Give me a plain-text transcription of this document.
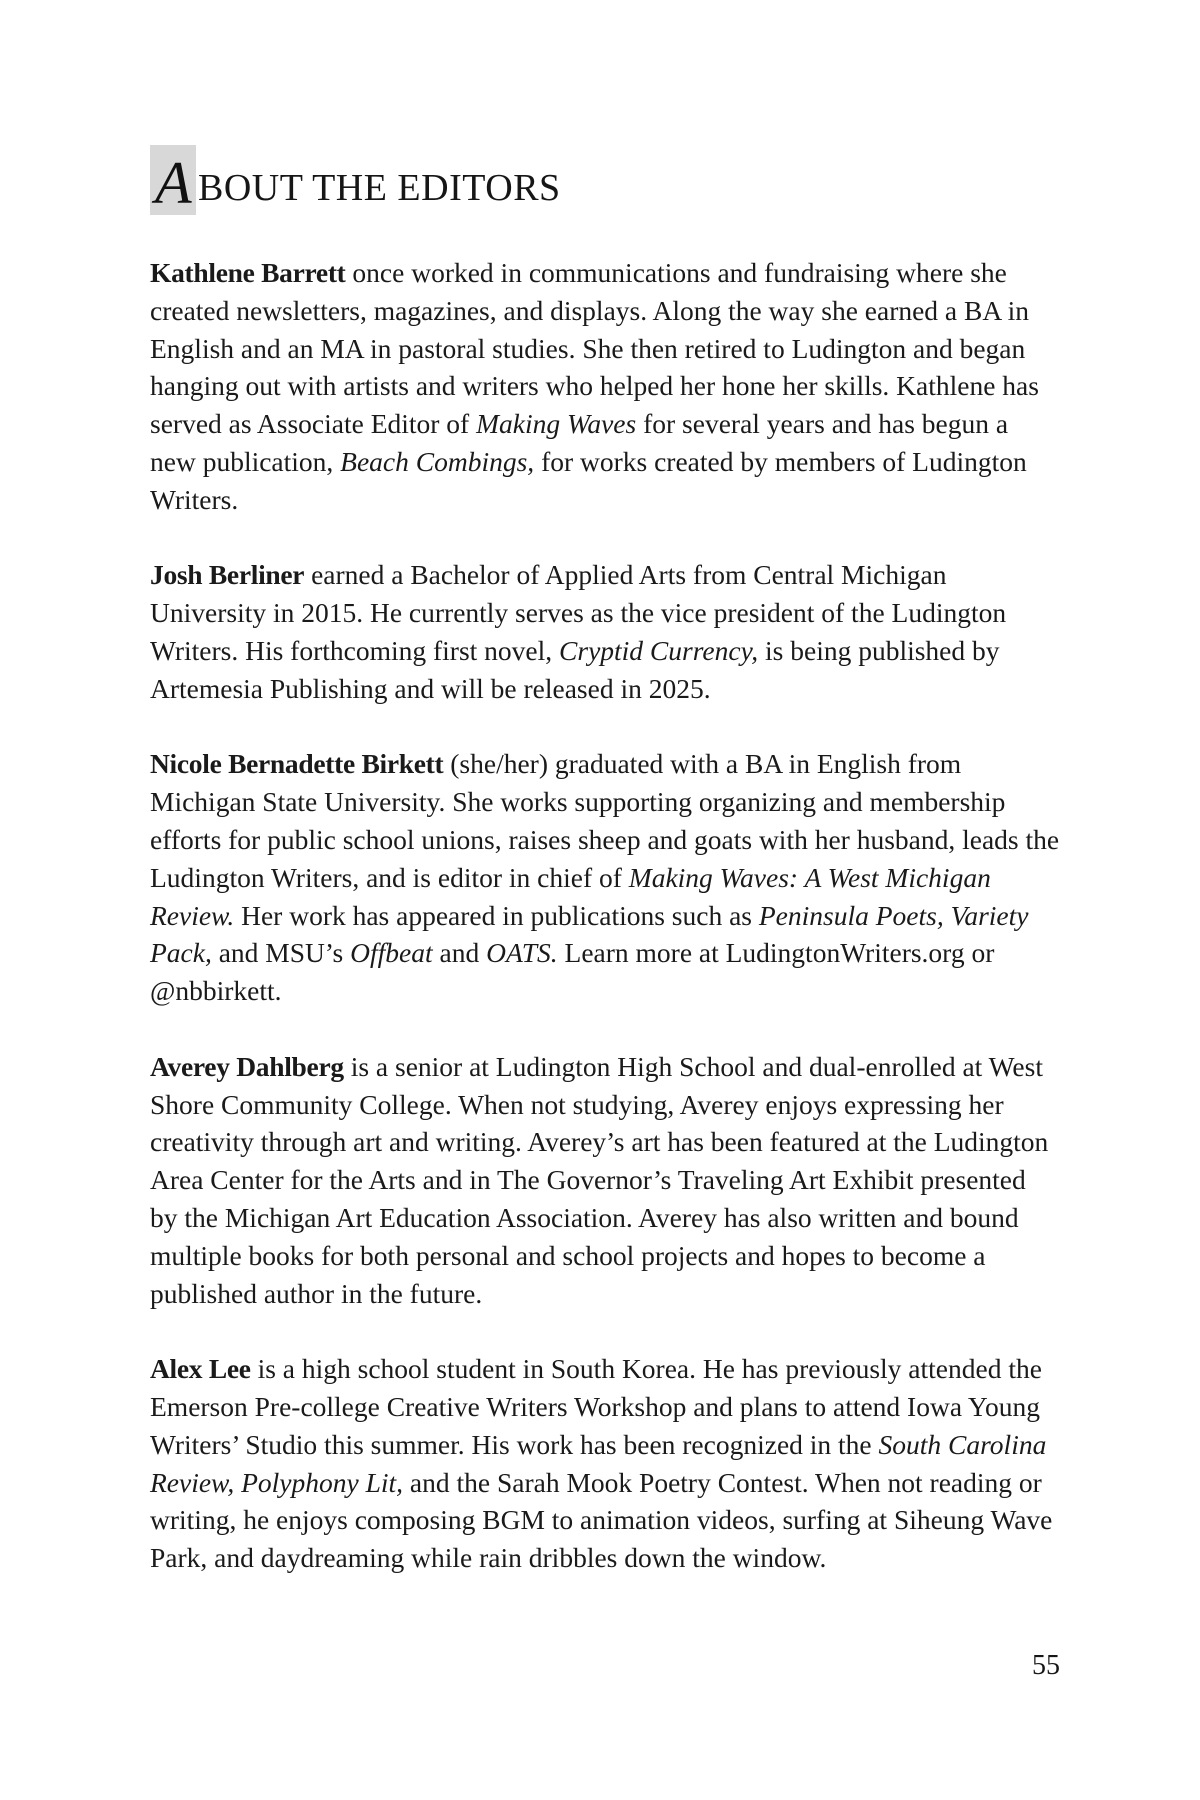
A BOUT THE EDITORS

Kathlene Barrett once worked in communications and fundraising where she created newsletters, magazines, and displays. Along the way she earned a BA in English and an MA in pastoral studies. She then retired to Ludington and began hanging out with artists and writers who helped her hone her skills. Kathlene has served as Associate Editor of Making Waves for several years and has begun a new publication, Beach Combings, for works created by members of Ludington Writers.

Josh Berliner earned a Bachelor of Applied Arts from Central Michigan University in 2015. He currently serves as the vice president of the Ludington Writers. His forthcoming first novel, Cryptid Currency, is being published by Artemesia Publishing and will be released in 2025.

Nicole Bernadette Birkett (she/her) graduated with a BA in English from Michigan State University. She works supporting organizing and membership efforts for public school unions, raises sheep and goats with her husband, leads the Ludington Writers, and is editor in chief of Making Waves: A West Michigan Review. Her work has appeared in publications such as Peninsula Poets, Variety Pack, and MSU’s Offbeat and OATS. Learn more at LudingtonWriters.org or @nbbirkett.

Averey Dahlberg is a senior at Ludington High School and dual-enrolled at West Shore Community College. When not studying, Averey enjoys expressing her creativity through art and writing. Averey’s art has been featured at the Ludington Area Center for the Arts and in The Governor’s Traveling Art Exhibit presented by the Michigan Art Education Association. Averey has also written and bound multiple books for both personal and school projects and hopes to become a published author in the future.

Alex Lee is a high school student in South Korea. He has previously attended the Emerson Pre-college Creative Writers Workshop and plans to attend Iowa Young Writers’ Studio this summer. His work has been recognized in the South Carolina Review, Polyphony Lit, and the Sarah Mook Poetry Contest. When not reading or writing, he enjoys composing BGM to animation videos, surfing at Siheung Wave Park, and daydreaming while rain dribbles down the window.

55
